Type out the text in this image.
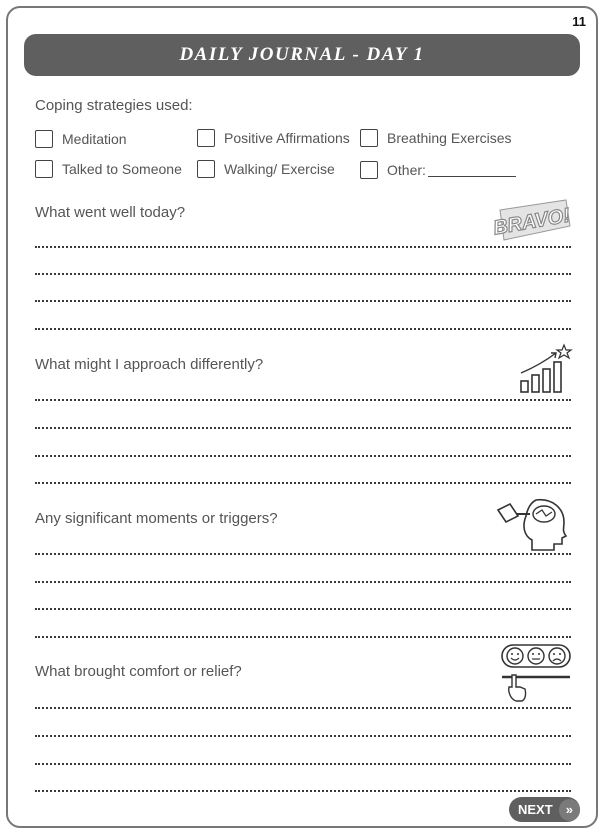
11
DAILY JOURNAL - DAY 1
Coping strategies used:
Meditation	Positive Affirmations	Breathing Exercises
Talked to Someone	Walking/ Exercise	Other:
What went well today?	BRAVO!
What might I approach differently?
Any significant moments or triggers?
What brought comfort or relief?
NEXT	»
